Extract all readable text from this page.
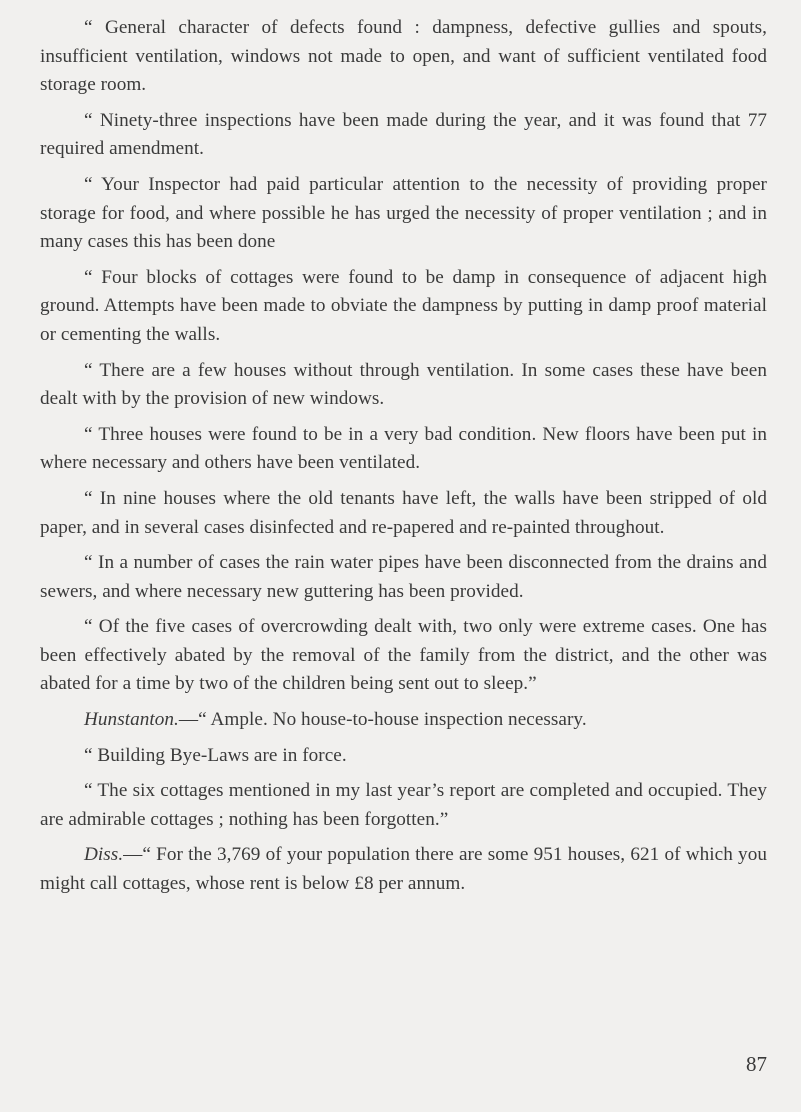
“ General character of defects found : dampness, defective gullies and spouts, insufficient ventilation, windows not made to open, and want of sufficient ventilated food storage room.

“ Ninety-three inspections have been made during the year, and it was found that 77 required amendment.

“ Your Inspector had paid particular attention to the necessity of providing proper storage for food, and where possible he has urged the necessity of proper ventilation ; and in many cases this has been done

“ Four blocks of cottages were found to be damp in consequence of adjacent high ground. Attempts have been made to obviate the dampness by putting in damp proof material or cementing the walls.

“ There are a few houses without through ventilation. In some cases these have been dealt with by the provision of new windows.

“ Three houses were found to be in a very bad condition. New floors have been put in where necessary and others have been ventilated.

“ In nine houses where the old tenants have left, the walls have been stripped of old paper, and in several cases disinfected and re-papered and re-painted throughout.

“ In a number of cases the rain water pipes have been disconnected from the drains and sewers, and where necessary new guttering has been provided.

“ Of the five cases of overcrowding dealt with, two only were extreme cases. One has been effectively abated by the removal of the family from the district, and the other was abated for a time by two of the children being sent out to sleep.”

Hunstanton.—“ Ample. No house-to-house inspection necessary.

“ Building Bye-Laws are in force.

“ The six cottages mentioned in my last year’s report are completed and occupied. They are admirable cottages ; nothing has been forgotten.”

Diss.—“ For the 3,769 of your population there are some 951 houses, 621 of which you might call cottages, whose rent is below £8 per annum.

87
